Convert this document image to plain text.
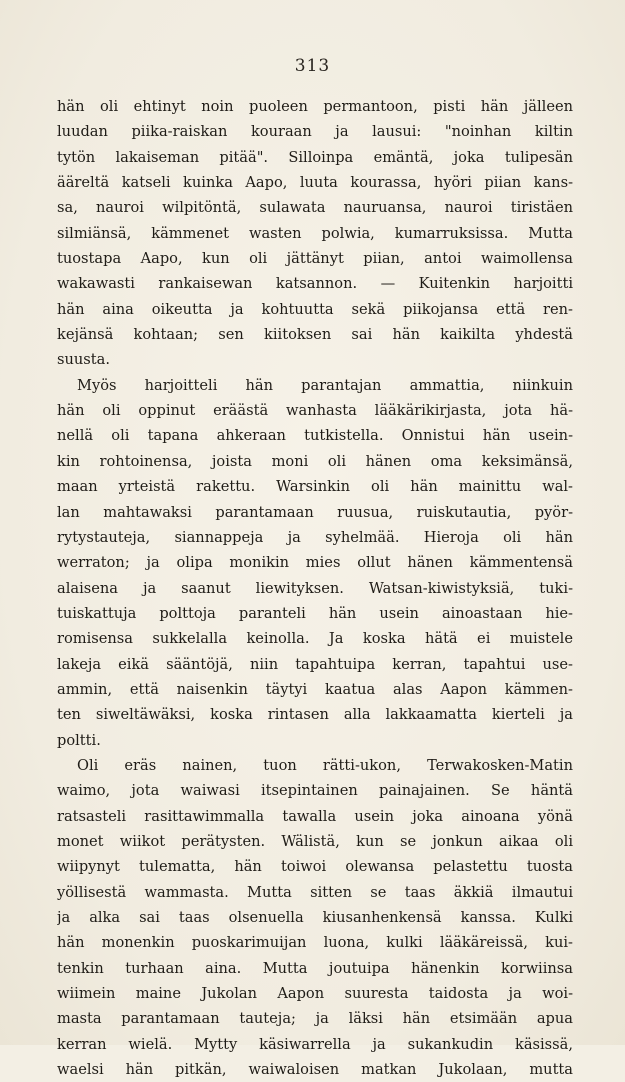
313
hän oli ehtinyt noin puoleen permantoon, pisti hän jälleen
luudan piika-raiskan kouraan ja lausui: "noinhan kiltin
tytön lakaiseman pitää". Silloinpa emäntä, joka tulipesän
ääreltä katseli kuinka Aapo, luuta kourassa, hyöri piian kans-
sa, nauroi wilpitöntä, sulawata nauruansa, nauroi tiristäen
silmiänsä, kämmenet wasten polwia, kumarruksissa. Mutta
tuostapa Aapo, kun oli jättänyt piian, antoi waimollensa
wakawasti rankaisewan katsannon. — Kuitenkin harjoitti
hän aina oikeutta ja kohtuutta sekä piikojansa että ren-
kejänsä kohtaan; sen kiitoksen sai hän kaikilta yhdestä
suusta.
Myös harjoitteli hän parantajan ammattia, niinkuin
hän oli oppinut eräästä wanhasta lääkärikirjasta, jota hä-
nellä oli tapana ahkeraan tutkistella. Onnistui hän usein-
kin rohtoinensa, joista moni oli hänen oma keksimänsä,
maan yrteistä rakettu. Warsinkin oli hän mainittu wal-
lan mahtawaksi parantamaan ruusua, ruiskutautia, pyör-
rytystauteja, siannappeja ja syhelmää. Hieroja oli hän
werraton; ja olipa monikin mies ollut hänen kämmentensä
alaisena ja saanut liewityksen. Watsan-kiwistyksiä, tuki-
tuiskattuja polttoja paranteli hän usein ainoastaan hie-
romisensa sukkelalla keinolla. Ja koska hätä ei muistele
lakeja eikä sääntöjä, niin tapahtuipa kerran, tapahtui use-
ammin, että naisenkin täytyi kaatua alas Aapon kämmen-
ten siweltäwäksi, koska rintasen alla lakkaamatta kierteli ja
poltti.
Oli eräs nainen, tuon rätti-ukon, Terwakosken-Matin
waimo, jota waiwasi itsepintainen painajainen. Se häntä
ratsasteli rasittawimmalla tawalla usein joka ainoana yönä
monet wiikot perätysten. Wälistä, kun se jonkun aikaa oli
wiipynyt tulematta, hän toiwoi olewansa pelastettu tuosta
yöllisestä wammasta. Mutta sitten se taas äkkiä ilmautui
ja alka sai taas olsenuella kiusanhenkensä kanssa. Kulki
hän monenkin puoskarimuijan luona, kulki lääkäreissä, kui-
tenkin turhaan aina. Mutta joutuipa hänenkin korwiinsa
wiimein maine Jukolan Aapon suuresta taidosta ja woi-
masta parantamaan tauteja; ja läksi hän etsimään apua
kerran wielä. Mytty käsiwarrella ja sukankudin käsissä,
waelsi hän pitkän, waiwaloisen matkan Jukolaan, mutta
